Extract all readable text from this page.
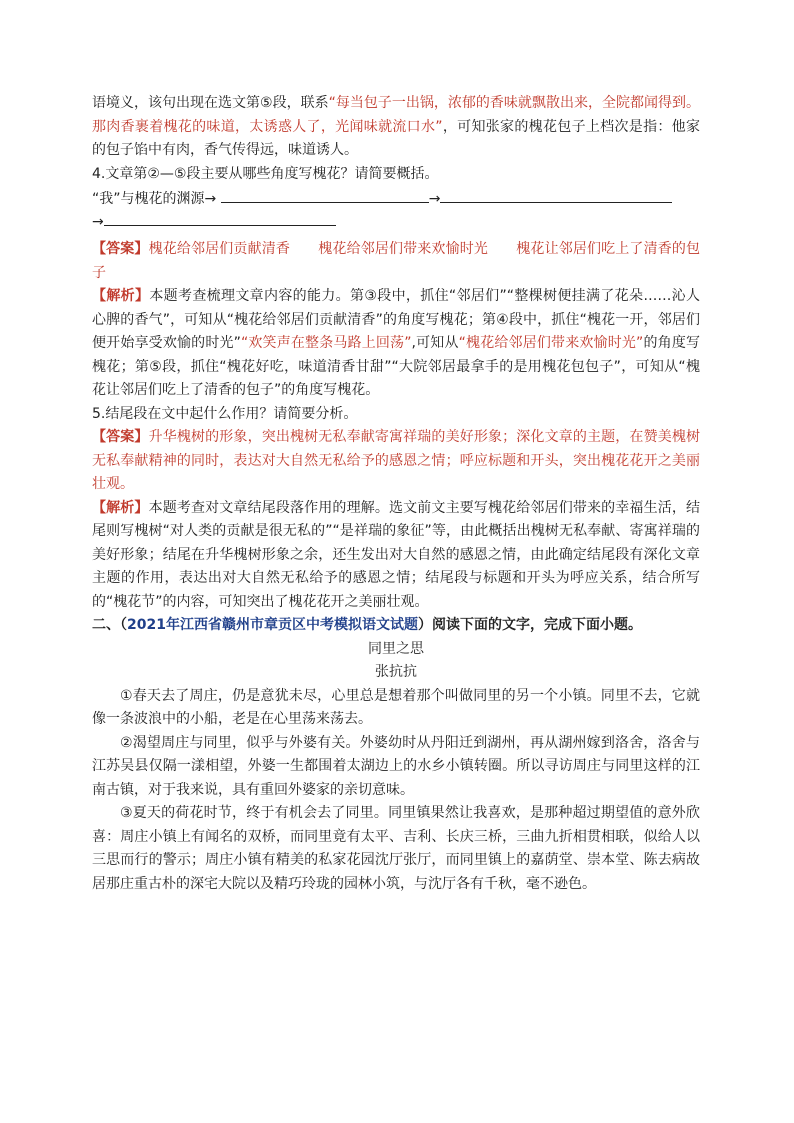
语境义，该句出现在选文第⑤段，联系“每当包子一出锅，浓郁的香味就飘散出来，全院都闻得到。那肉香裹着槐花的味道，太诱惑人了，光闻味就流口水”，可知张家的槐花包子上档次是指：他家的包子馅中有肉，香气传得远，味道诱人。

4.文章第②—⑤段主要从哪些角度写槐花？请简要概括。

“我”与槐花的渊源→	→
→

【答案】槐花给邻居们贡献清香　　槐花给邻居们带来欢愉时光　　槐花让邻居们吃上了清香的包子

【解析】本题考查梳理文章内容的能力。第③段中，抓住“邻居们”“整棵树便挂满了花朵……沁人心脾的香气”，可知从“槐花给邻居们贡献清香”的角度写槐花；第④段中，抓住“槐花一开，邻居们便开始享受欢愉的时光”“欢笑声在整条马路上回荡”,可知从“槐花给邻居们带来欢愉时光”的角度写槐花；第⑤段，抓住“槐花好吃，味道清香甘甜”“大院邻居最拿手的是用槐花包包子”，可知从“槐花让邻居们吃上了清香的包子”的角度写槐花。

5.结尾段在文中起什么作用？请简要分析。

【答案】升华槐树的形象，突出槐树无私奉献寄寓祥瑞的美好形象；深化文章的主题，在赞美槐树无私奉献精神的同时，表达对大自然无私给予的感恩之情；呼应标题和开头，突出槐花花开之美丽壮观。

【解析】本题考查对文章结尾段落作用的理解。选文前文主要写槐花给邻居们带来的幸福生活，结尾则写槐树“对人类的贡献是很无私的”“是祥瑞的象征”等，由此概括出槐树无私奉献、寄寓祥瑞的美好形象；结尾在升华槐树形象之余，还生发出对大自然的感恩之情，由此确定结尾段有深化文章主题的作用，表达出对大自然无私给予的感恩之情；结尾段与标题和开头为呼应关系，结合所写的“槐花节”的内容，可知突出了槐花花开之美丽壮观。

二、（2021年江西省赣州市章贡区中考模拟语文试题）阅读下面的文字，完成下面小题。

同里之思

张抗抗

①春天去了周庄，仍是意犹未尽，心里总是想着那个叫做同里的另一个小镇。同里不去，它就像一条波浪中的小船，老是在心里荡来荡去。

②渴望周庄与同里，似乎与外婆有关。外婆幼时从丹阳迁到湖州，再从湖州嫁到洛舍，洛舍与江苏吴县仅隔一漾相望，外婆一生都围着太湖边上的水乡小镇转圈。所以寻访周庄与同里这样的江南古镇，对于我来说，具有重回外婆家的亲切意味。

③夏天的荷花时节，终于有机会去了同里。同里镇果然让我喜欢，是那种超过期望值的意外欣喜：周庄小镇上有闻名的双桥，而同里竟有太平、吉利、长庆三桥，三曲九折相贯相联，似给人以三思而行的警示；周庄小镇有精美的私家花园沈厅张厅，而同里镇上的嘉荫堂、崇本堂、陈去病故居那庄重古朴的深宅大院以及精巧玲珑的园林小筑，与沈厅各有千秋，毫不逊色。
